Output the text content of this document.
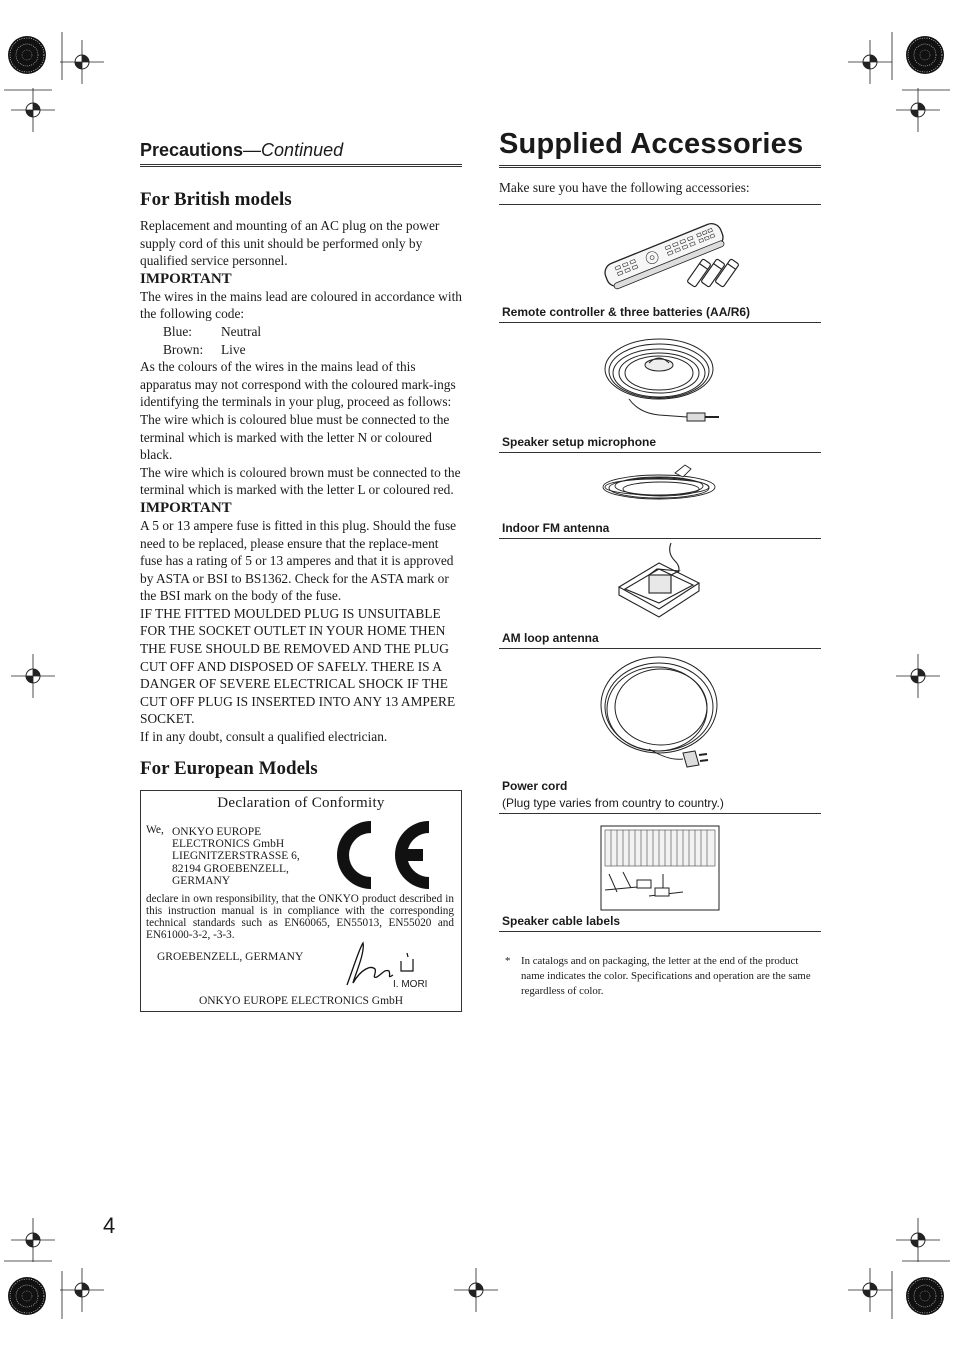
Precautions—Continued
For British models

Replacement and mounting of an AC plug on the power supply cord of this unit should be performed only by qualified service personnel.

IMPORTANT

The wires in the mains lead are coloured in accordance with the following code:

Blue: Neutral
Brown: Live

As the colours of the wires in the mains lead of this apparatus may not correspond with the coloured mark-ings identifying the terminals in your plug, proceed as follows:

The wire which is coloured blue must be connected to the terminal which is marked with the letter N or coloured black.

The wire which is coloured brown must be connected to the terminal which is marked with the letter L or coloured red.

IMPORTANT

A 5 or 13 ampere fuse is fitted in this plug. Should the fuse need to be replaced, please ensure that the replace-ment fuse has a rating of 5 or 13 amperes and that it is approved by ASTA or BSI to BS1362. Check for the ASTA mark or the BSI mark on the body of the fuse.

IF THE FITTED MOULDED PLUG IS UNSUITABLE FOR THE SOCKET OUTLET IN YOUR HOME THEN THE FUSE SHOULD BE REMOVED AND THE PLUG CUT OFF AND DISPOSED OF SAFELY. THERE IS A DANGER OF SEVERE ELECTRICAL SHOCK IF THE CUT OFF PLUG IS INSERTED INTO ANY 13 AMPERE SOCKET.

If in any doubt, consult a qualified electrician.

For European Models
Declaration of Conformity
We, ONKYO EUROPE
ELECTRONICS GmbH
LIEGNITZERSTRASSE 6,
82194 GROEBENZELL,
GERMANY
declare in own responsibility, that the ONKYO product described in this instruction manual is in compliance with the corresponding technical standards such as EN60065, EN55013, EN55020 and EN61000-3-2, -3-3.
GROEBENZELL, GERMANY
I. MORI
ONKYO EUROPE ELECTRONICS GmbH
Supplied Accessories
Make sure you have the following accessories:
Remote controller & three batteries (AA/R6)
Speaker setup microphone
Indoor FM antenna
AM loop antenna
Power cord
(Plug type varies from country to country.)
Speaker cable labels
* In catalogs and on packaging, the letter at the end of the product name indicates the color. Specifications and operation are the same regardless of color.
4
